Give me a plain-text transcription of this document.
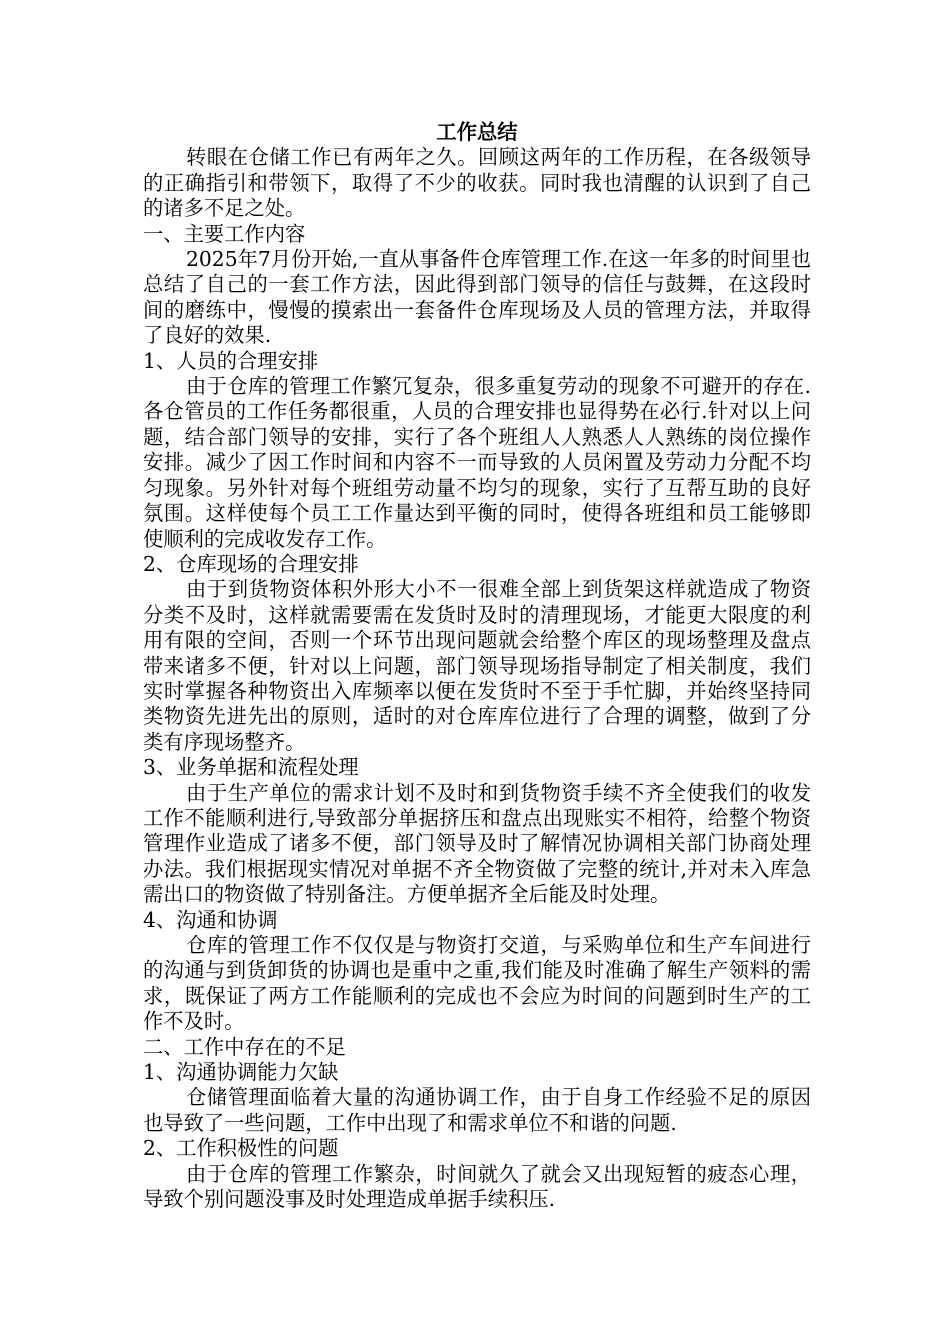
工作总结

转眼在仓储工作已有两年之久。回顾这两年的工作历程，在各级领导的正确指引和带领下，取得了不少的收获。同时我也清醒的认识到了自己的诸多不足之处。

一、主要工作内容

2025年7月份开始,一直从事备件仓库管理工作.在这一年多的时间里也总结了自己的一套工作方法，因此得到部门领导的信任与鼓舞，在这段时间的磨练中，慢慢的摸索出一套备件仓库现场及人员的管理方法，并取得了良好的效果.

1、人员的合理安排

由于仓库的管理工作繁冗复杂，很多重复劳动的现象不可避开的存在.各仓管员的工作任务都很重，人员的合理安排也显得势在必行.针对以上问题，结合部门领导的安排，实行了各个班组人人熟悉人人熟练的岗位操作安排。减少了因工作时间和内容不一而导致的人员闲置及劳动力分配不均匀现象。另外针对每个班组劳动量不均匀的现象，实行了互帮互助的良好氛围。这样使每个员工工作量达到平衡的同时，使得各班组和员工能够即使顺利的完成收发存工作。

2、仓库现场的合理安排

由于到货物资体积外形大小不一很难全部上到货架这样就造成了物资分类不及时，这样就需要需在发货时及时的清理现场，才能更大限度的利用有限的空间，否则一个环节出现问题就会给整个库区的现场整理及盘点带来诸多不便，针对以上问题，部门领导现场指导制定了相关制度，我们实时掌握各种物资出入库频率以便在发货时不至于手忙脚，并始终坚持同类物资先进先出的原则，适时的对仓库库位进行了合理的调整，做到了分类有序现场整齐。

3、业务单据和流程处理

由于生产单位的需求计划不及时和到货物资手续不齐全使我们的收发工作不能顺利进行,导致部分单据挤压和盘点出现账实不相符，给整个物资管理作业造成了诸多不便，部门领导及时了解情况协调相关部门协商处理办法。我们根据现实情况对单据不齐全物资做了完整的统计,并对未入库急需出口的物资做了特别备注。方便单据齐全后能及时处理。

4、沟通和协调

仓库的管理工作不仅仅是与物资打交道，与采购单位和生产车间进行的沟通与到货卸货的协调也是重中之重,我们能及时准确了解生产领料的需求，既保证了两方工作能顺利的完成也不会应为时间的问题到时生产的工作不及时。

二、工作中存在的不足

1、沟通协调能力欠缺

仓储管理面临着大量的沟通协调工作，由于自身工作经验不足的原因也导致了一些问题，工作中出现了和需求单位不和谐的问题.

2、工作积极性的问题

由于仓库的管理工作繁杂，时间就久了就会又出现短暂的疲态心理，导致个别问题没事及时处理造成单据手续积压.
